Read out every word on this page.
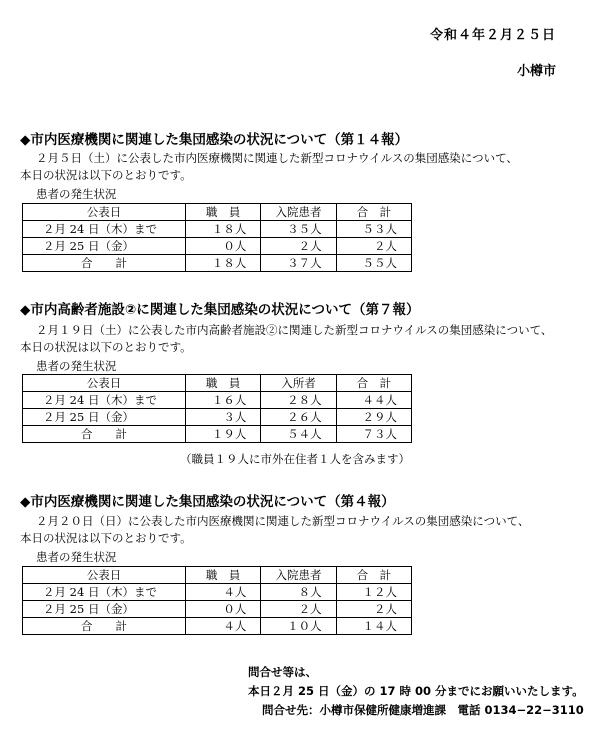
令和４年２月２５日
小樽市
◆市内医療機関に関連した集団感染の状況について（第１４報）
２月５日（土）に公表した市内医療機関に関連した新型コロナウイルスの集団感染について、
本日の状況は以下のとおりです。
患者の発生状況
公表日	職　員	入院患者	合　計
２月 24 日（木）まで	１８人	３５人	５３人
２月 25 日（金）	０人	２人	２人
合　　計	１８人	３７人	５５人
◆市内高齢者施設②に関連した集団感染の状況について（第７報）
２月１９日（土）に公表した市内高齢者施設②に関連した新型コロナウイルスの集団感染について、
本日の状況は以下のとおりです。
患者の発生状況
公表日	職　員	入所者	合　計
２月 24 日（木）まで	１６人	２８人	４４人
２月 25 日（金）	３人	２６人	２９人
合　　計	１９人	５４人	７３人
（職員１９人に市外在住者１人を含みます）
◆市内医療機関に関連した集団感染の状況について（第４報）
２月２０日（日）に公表した市内医療機関に関連した新型コロナウイルスの集団感染について、
本日の状況は以下のとおりです。
患者の発生状況
公表日	職　員	入院患者	合　計
２月 24 日（木）まで	４人	８人	１２人
２月 25 日（金）	０人	２人	２人
合　　計	４人	１０人	１４人
問合せ等は、
本日２月 25 日（金）の 17 時 00 分までにお願いいたします。
問合せ先：小樽市保健所健康増進課　電話 0134−22−3110
